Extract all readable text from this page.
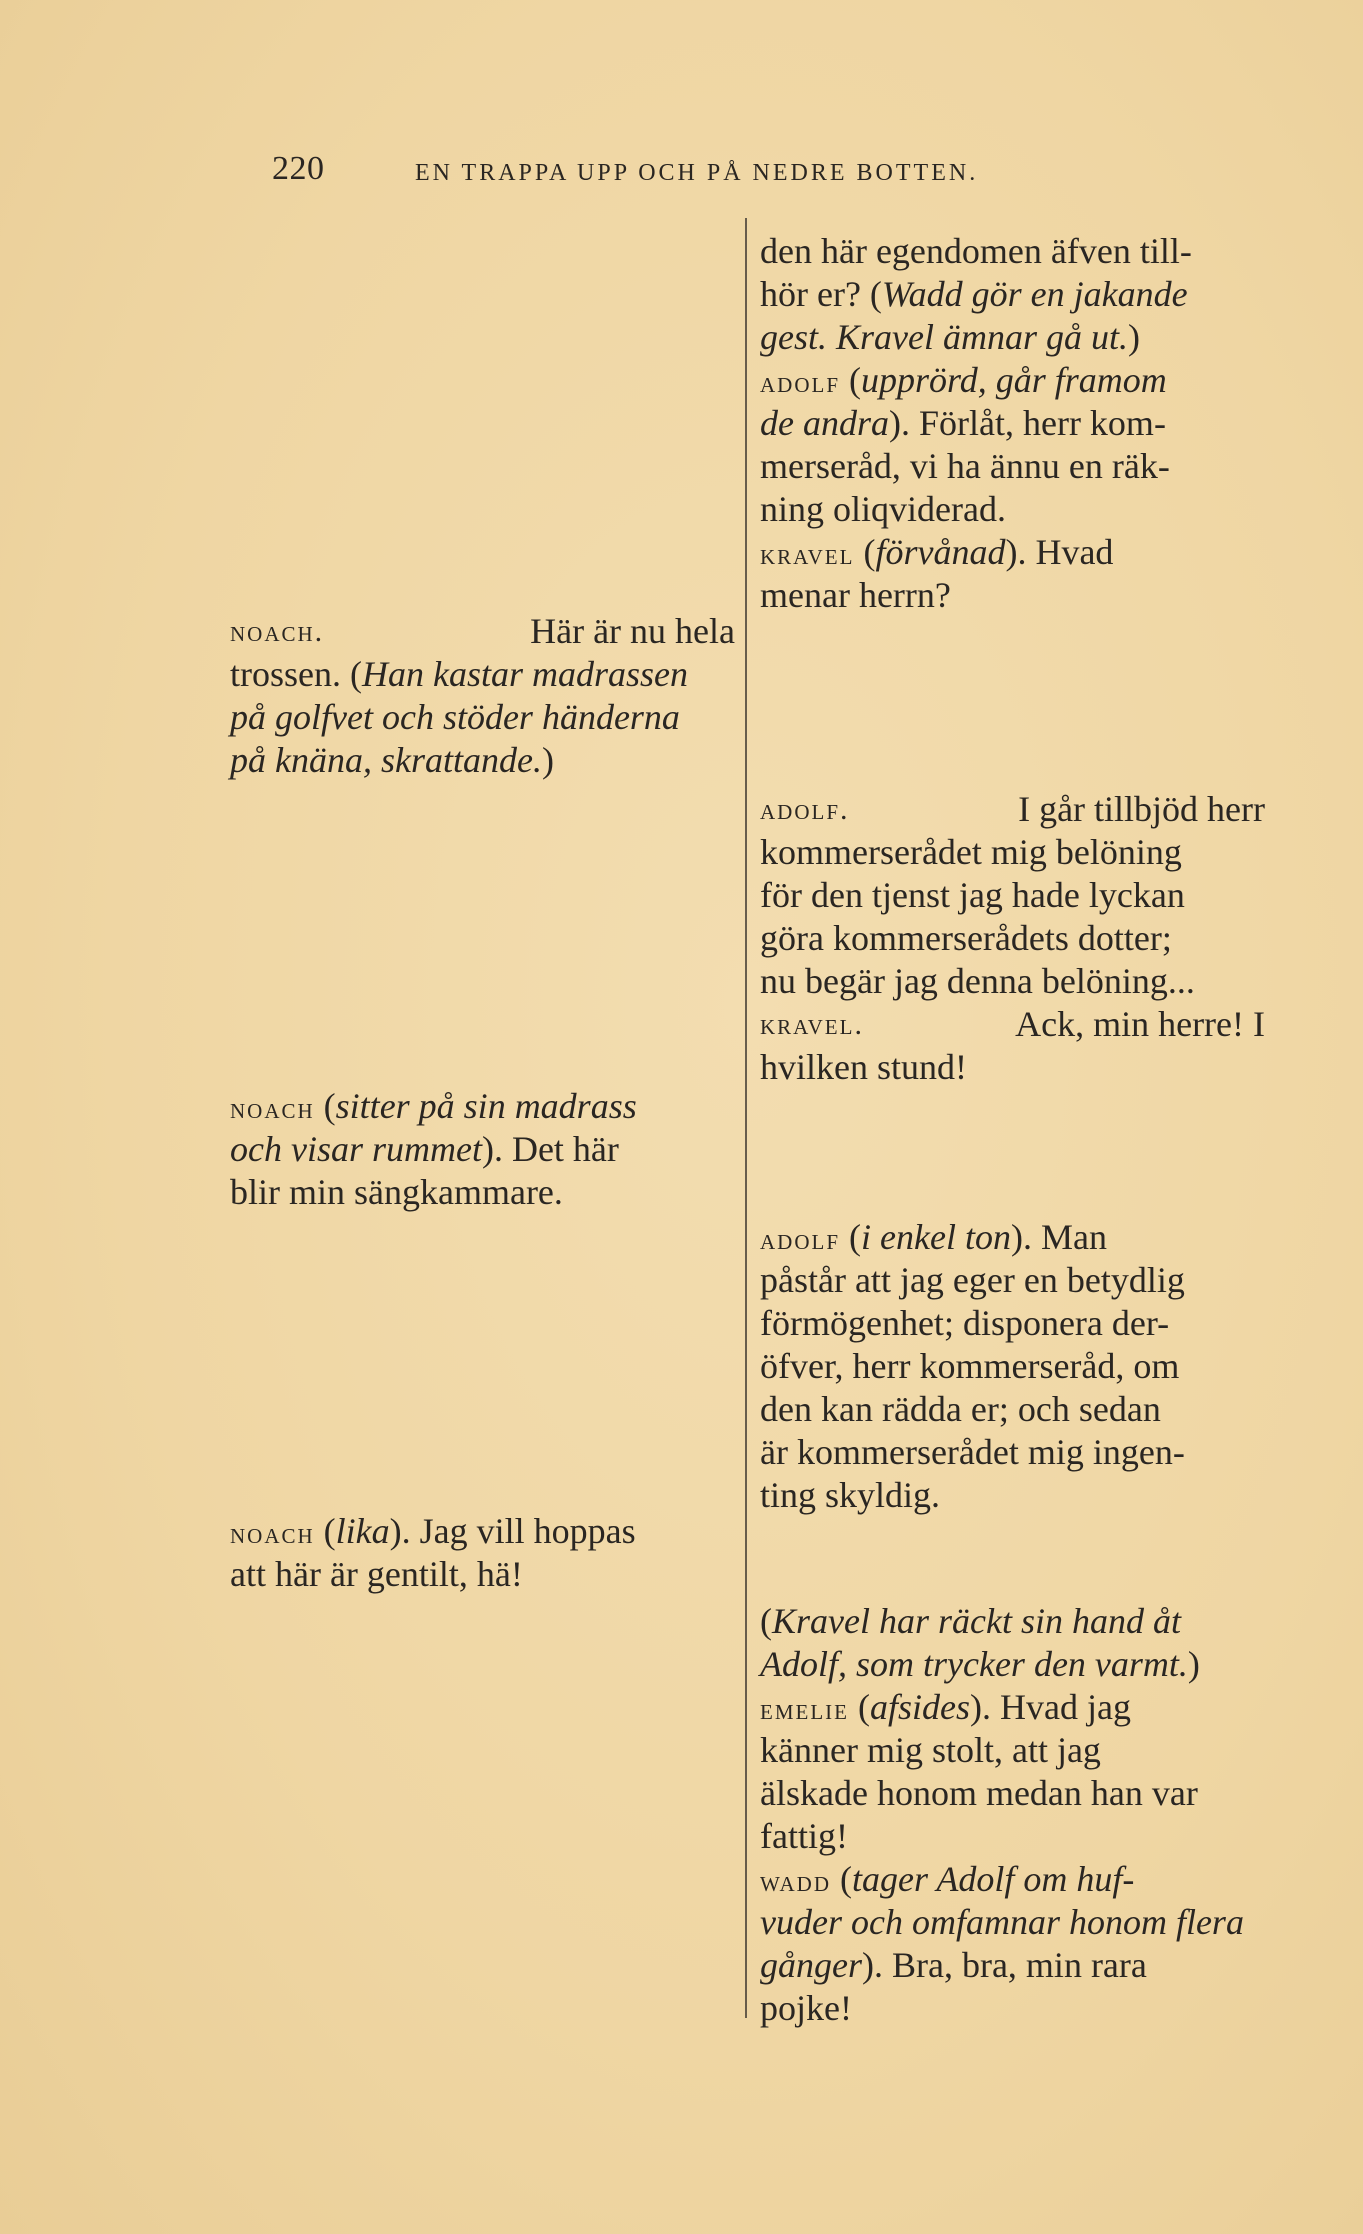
220	EN TRAPPA UPP OCH PÅ NEDRE BOTTEN.
noach.	Här är nu hela
trossen. (Han kastar madrassen
på golfvet och stöder händerna
på knäna, skrattande.)
noach (sitter på sin madrass
och visar rummet). Det här
blir min sängkammare.
noach (lika). Jag vill hoppas
att här är gentilt, hä!
den här egendomen äfven till-
hör er? (Wadd gör en jakande
gest. Kravel ämnar gå ut.)
adolf (upprörd, går framom
de andra). Förlåt, herr kom-
merseråd, vi ha ännu en räk-
ning oliqviderad.
kravel (förvånad). Hvad
menar herrn?
adolf.	I går tillbjöd herr
kommerserådet mig belöning
för den tjenst jag hade lyckan
göra kommerserådets dotter;
nu begär jag denna belöning...
kravel.	Ack, min herre! I
hvilken stund!
adolf (i enkel ton). Man
påstår att jag eger en betydlig
förmögenhet; disponera der-
öfver, herr kommerseråd, om
den kan rädda er; och sedan
är kommerserådet mig ingen-
ting skyldig.
(Kravel har räckt sin hand åt
Adolf, som trycker den varmt.)
emelie (afsides). Hvad jag
känner mig stolt, att jag
älskade honom medan han var
fattig!
wadd (tager Adolf om huf-
vuder och omfamnar honom flera
gånger). Bra, bra, min rara
pojke!
